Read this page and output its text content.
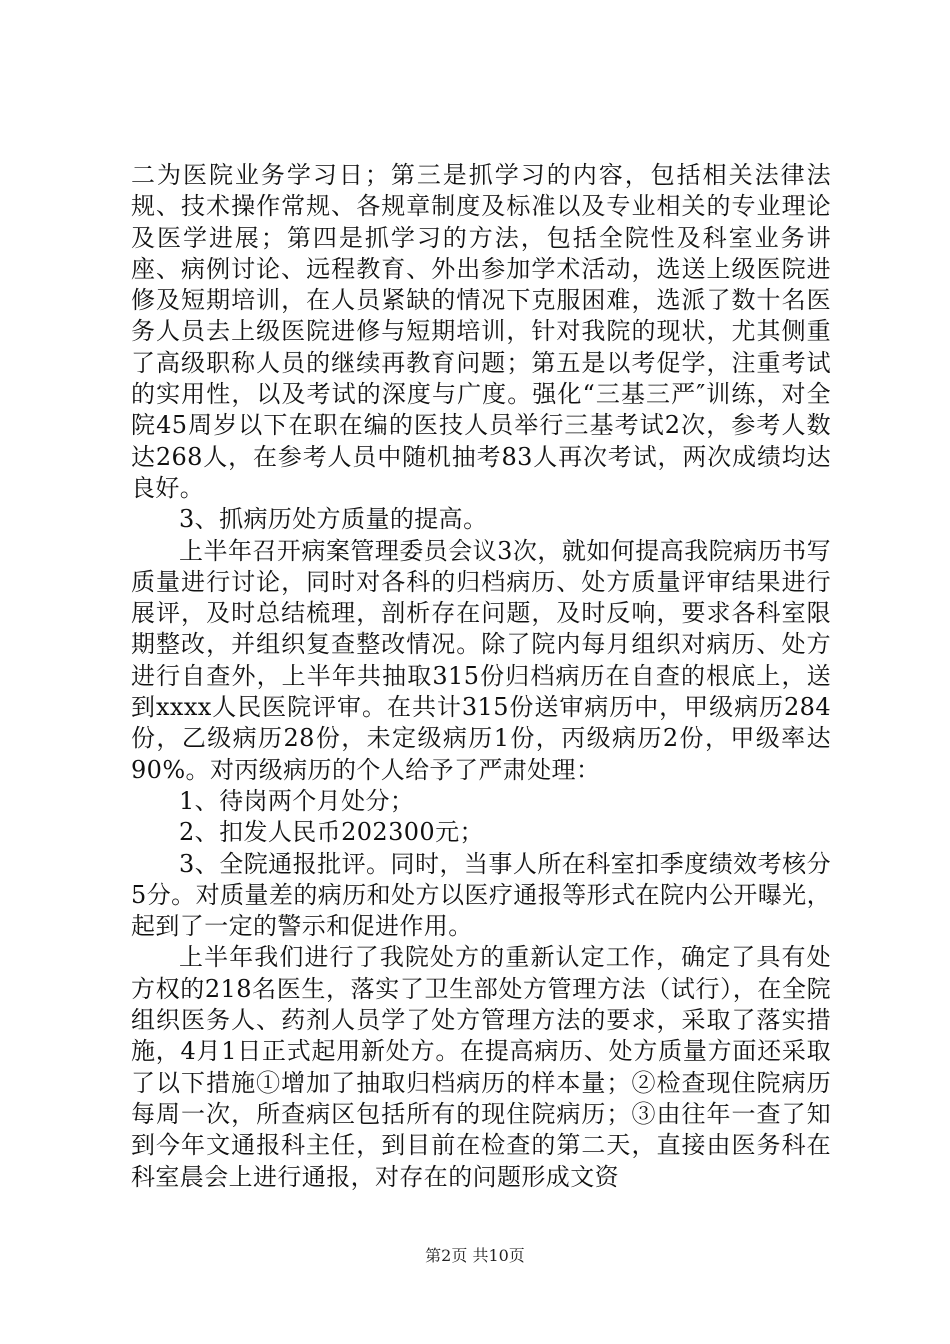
二为医院业务学习日；第三是抓学习的内容，包括相关法律法规、技术操作常规、各规章制度及标准以及专业相关的专业理论及医学进展；第四是抓学习的方法，包括全院性及科室业务讲座、病例讨论、远程教育、外出参加学术活动，选送上级医院进修及短期培训，在人员紧缺的情况下克服困难，选派了数十名医务人员去上级医院进修与短期培训，针对我院的现状，尤其侧重了高级职称人员的继续再教育问题；第五是以考促学，注重考试的实用性，以及考试的深度与广度。强化“三基三严″训练，对全院45周岁以下在职在编的医技人员举行三基考试2次，参考人数达268人，在参考人员中随机抽考83人再次考试，两次成绩均达良好。

3、抓病历处方质量的提高。

上半年召开病案管理委员会议3次，就如何提高我院病历书写质量进行讨论，同时对各科的归档病历、处方质量评审结果进行展评，及时总结梳理，剖析存在问题，及时反响，要求各科室限期整改，并组织复查整改情况。除了院内每月组织对病历、处方进行自查外，上半年共抽取315份归档病历在自查的根底上，送到xxxx人民医院评审。在共计315份送审病历中，甲级病历284份，乙级病历28份，未定级病历1份，丙级病历2份，甲级率达90%。对丙级病历的个人给予了严肃处理：

1、待岗两个月处分；

2、扣发人民币202300元；

3、全院通报批评。同时，当事人所在科室扣季度绩效考核分5分。对质量差的病历和处方以医疗通报等形式在院内公开曝光，起到了一定的警示和促进作用。

上半年我们进行了我院处方的重新认定工作，确定了具有处方权的218名医生，落实了卫生部处方管理方法（试行），在全院组织医务人、药剂人员学了处方管理方法的要求，采取了落实措施，4月1日正式起用新处方。在提高病历、处方质量方面还采取了以下措施①增加了抽取归档病历的样本量；②检查现住院病历每周一次，所查病区包括所有的现住院病历；③由往年一查了知到今年文通报科主任，到目前在检查的第二天，直接由医务科在科室晨会上进行通报，对存在的问题形成文资

第2页 共10页
